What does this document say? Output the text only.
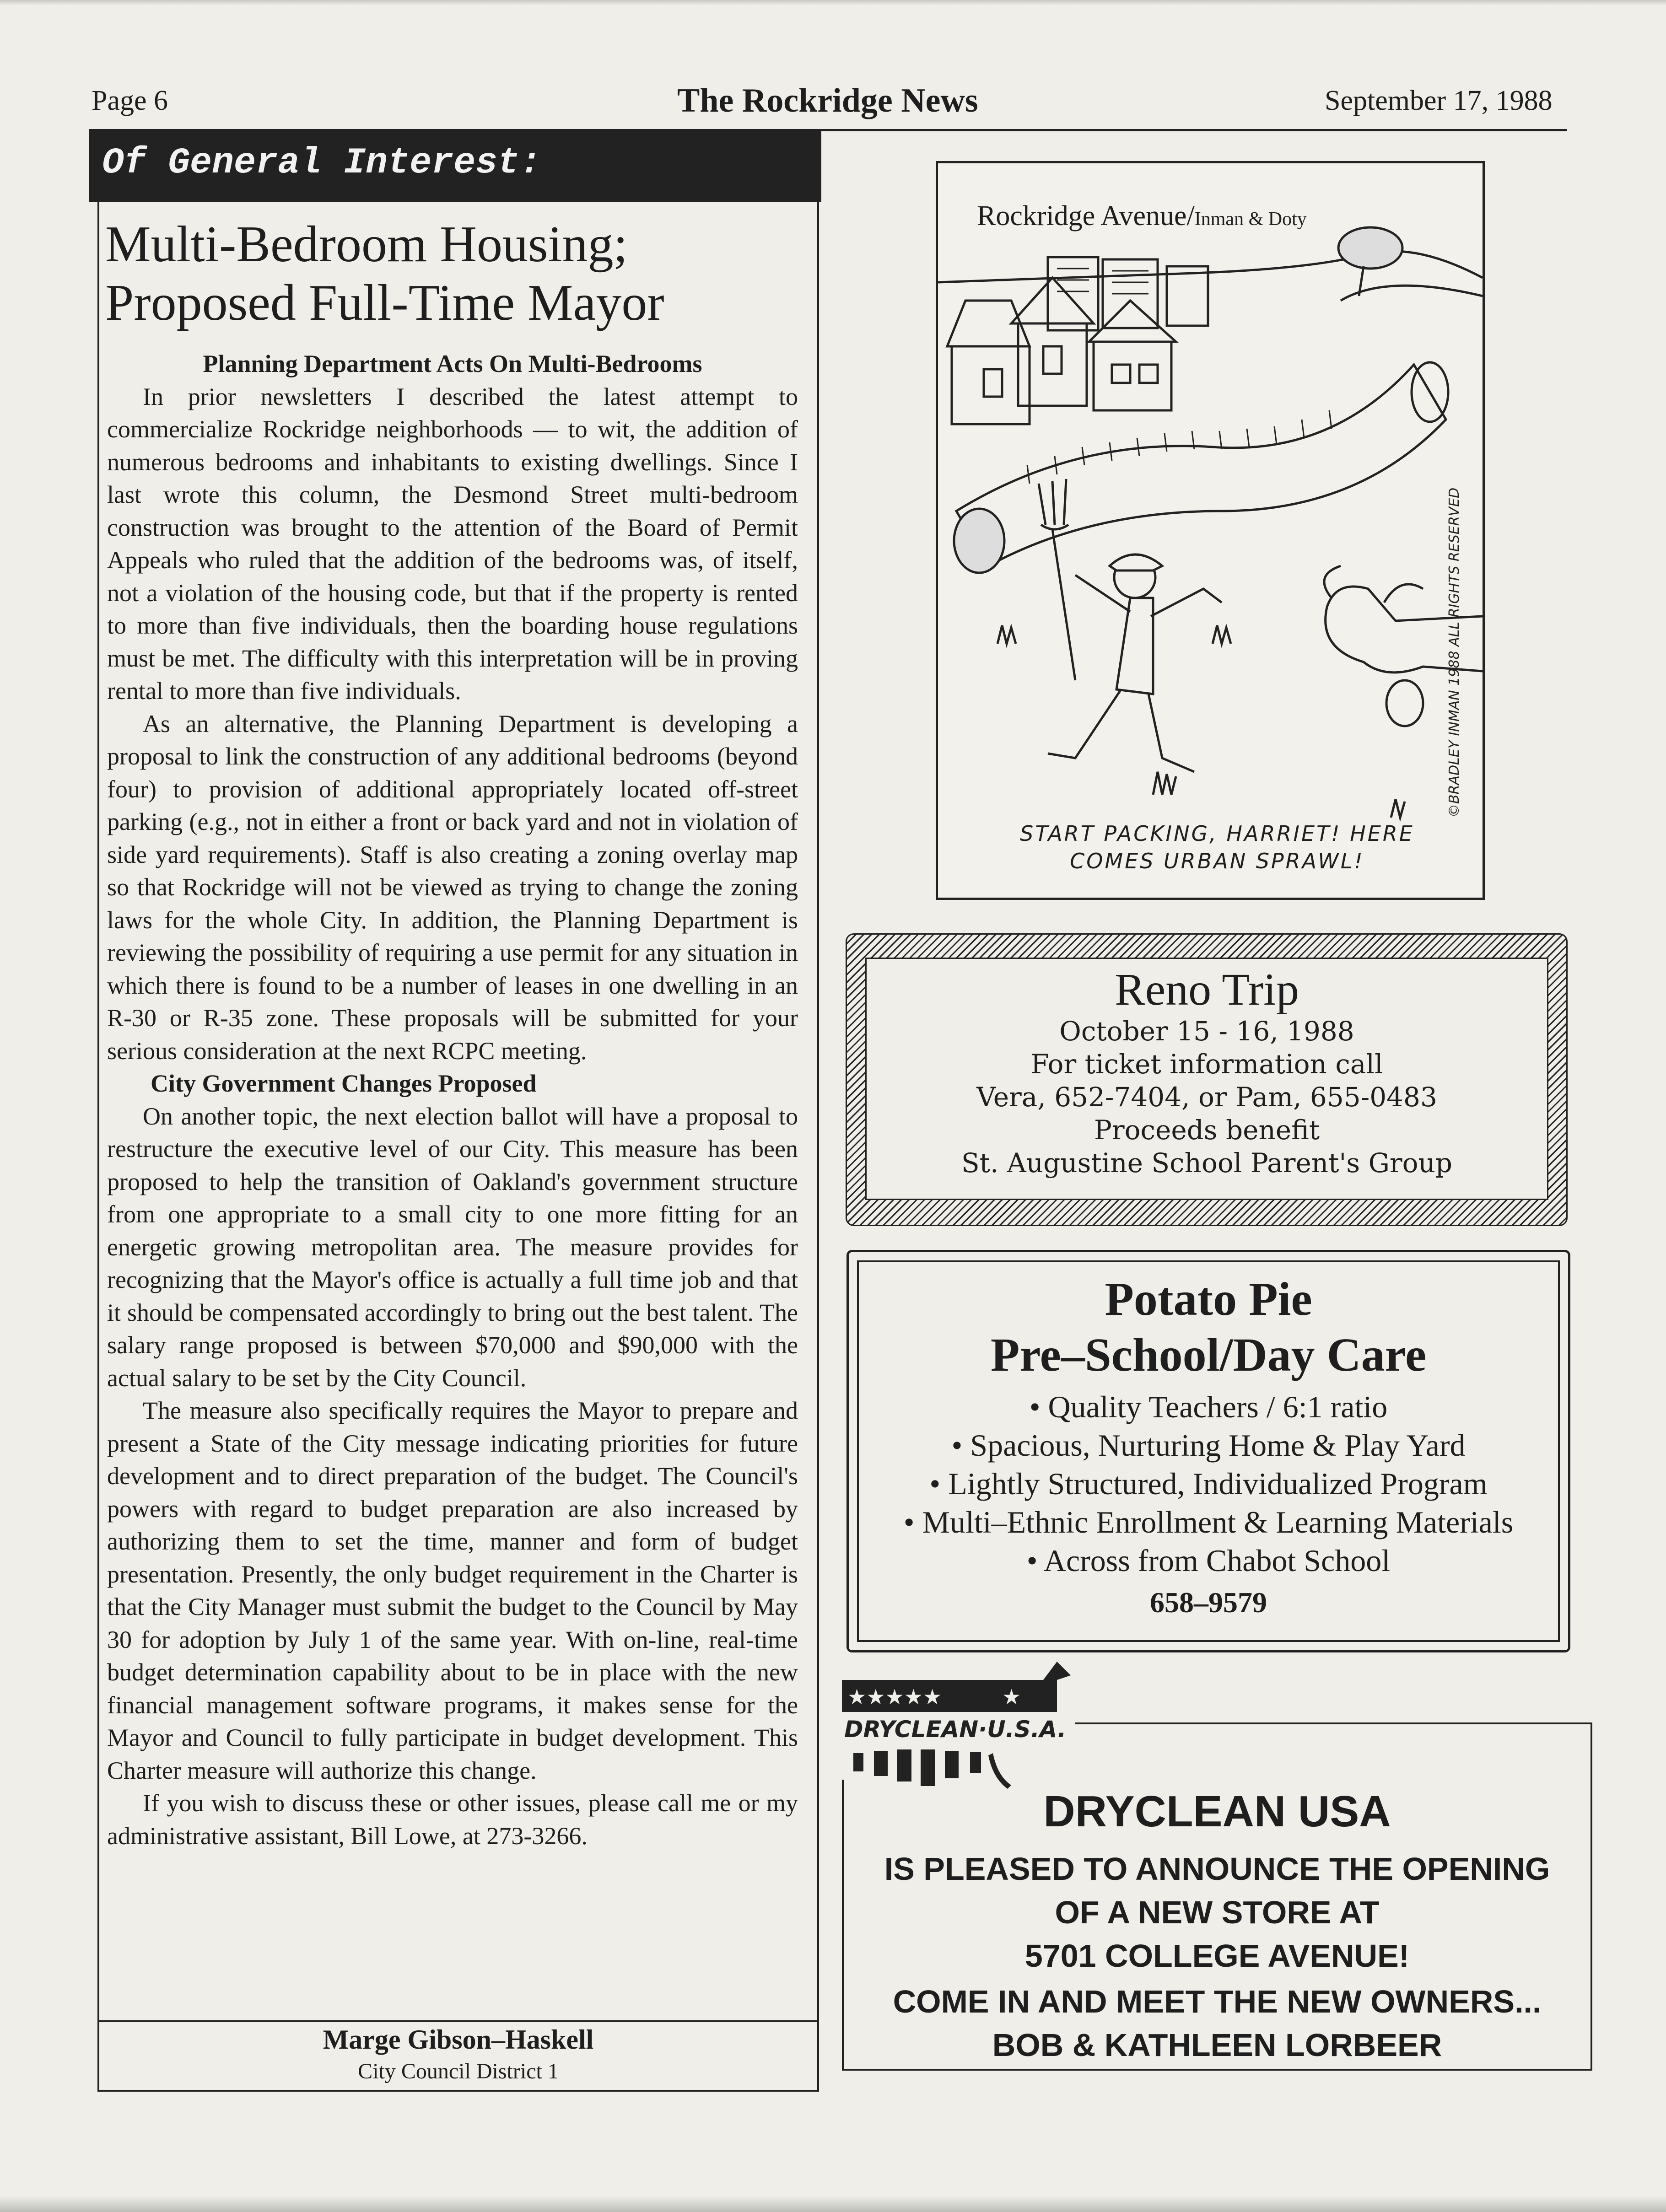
Page 6	The Rockridge News	September 17, 1988
Of General Interest:
Multi-Bedroom Housing;
Proposed Full-Time Mayor
Planning Department Acts On Multi-Bedrooms

In prior newsletters I described the latest attempt to commercialize Rockridge neighborhoods — to wit, the addition of numerous bedrooms and inhabitants to existing dwellings. Since I last wrote this column, the Desmond Street multi-bedroom construction was brought to the attention of the Board of Permit Appeals who ruled that the addition of the bedrooms was, of itself, not a violation of the housing code, but that if the property is rented to more than five individuals, then the boarding house regulations must be met. The difficulty with this interpretation will be in proving rental to more than five individuals.

As an alternative, the Planning Department is developing a proposal to link the construction of any additional bedrooms (beyond four) to provision of additional appropriately located off-street parking (e.g., not in either a front or back yard and not in violation of side yard requirements). Staff is also creating a zoning overlay map so that Rockridge will not be viewed as trying to change the zoning laws for the whole City. In addition, the Planning Department is reviewing the possibility of requiring a use permit for any situation in which there is found to be a number of leases in one dwelling in an R-30 or R-35 zone. These proposals will be submitted for your serious consideration at the next RCPC meeting.

City Government Changes Proposed

On another topic, the next election ballot will have a proposal to restructure the executive level of our City. This measure has been proposed to help the transition of Oakland's government structure from one appropriate to a small city to one more fitting for an energetic growing metropolitan area. The measure provides for recognizing that the Mayor's office is actually a full time job and that it should be compensated accordingly to bring out the best talent. The salary range proposed is between $70,000 and $90,000 with the actual salary to be set by the City Council.

The measure also specifically requires the Mayor to prepare and present a State of the City message indicating priorities for future development and to direct preparation of the budget. The Council's powers with regard to budget preparation are also increased by authorizing them to set the time, manner and form of budget presentation. Presently, the only budget requirement in the Charter is that the City Manager must submit the budget to the Council by May 30 for adoption by July 1 of the same year. With on-line, real-time budget determination capability about to be in place with the new financial management software programs, it makes sense for the Mayor and Council to fully participate in budget development. This Charter measure will authorize this change.

If you wish to discuss these or other issues, please call me or my administrative assistant, Bill Lowe, at 273-3266.

Marge Gibson–Haskell
City Council District 1
Rockridge Avenue/Inman & Doty
©BRADLEY INMAN 1988 ALL RIGHTS RESERVED
START PACKING, HARRIET! HERE
COMES URBAN SPRAWL!
Reno Trip
October 15 - 16, 1988
For ticket information call
Vera, 652-7404, or Pam, 655-0483
Proceeds benefit
St. Augustine School Parent's Group
Potato Pie
Pre–School/Day Care
• Quality Teachers / 6:1 ratio
• Spacious, Nurturing Home & Play Yard
• Lightly Structured, Individualized Program
• Multi–Ethnic Enrollment & Learning Materials
• Across from Chabot School
658–9579
★★★★★	★
DRYCLEAN·U.S.A.
DRYCLEAN USA
IS PLEASED TO ANNOUNCE THE OPENING
OF A NEW STORE AT
5701 COLLEGE AVENUE!
COME IN AND MEET THE NEW OWNERS...
BOB & KATHLEEN LORBEER
